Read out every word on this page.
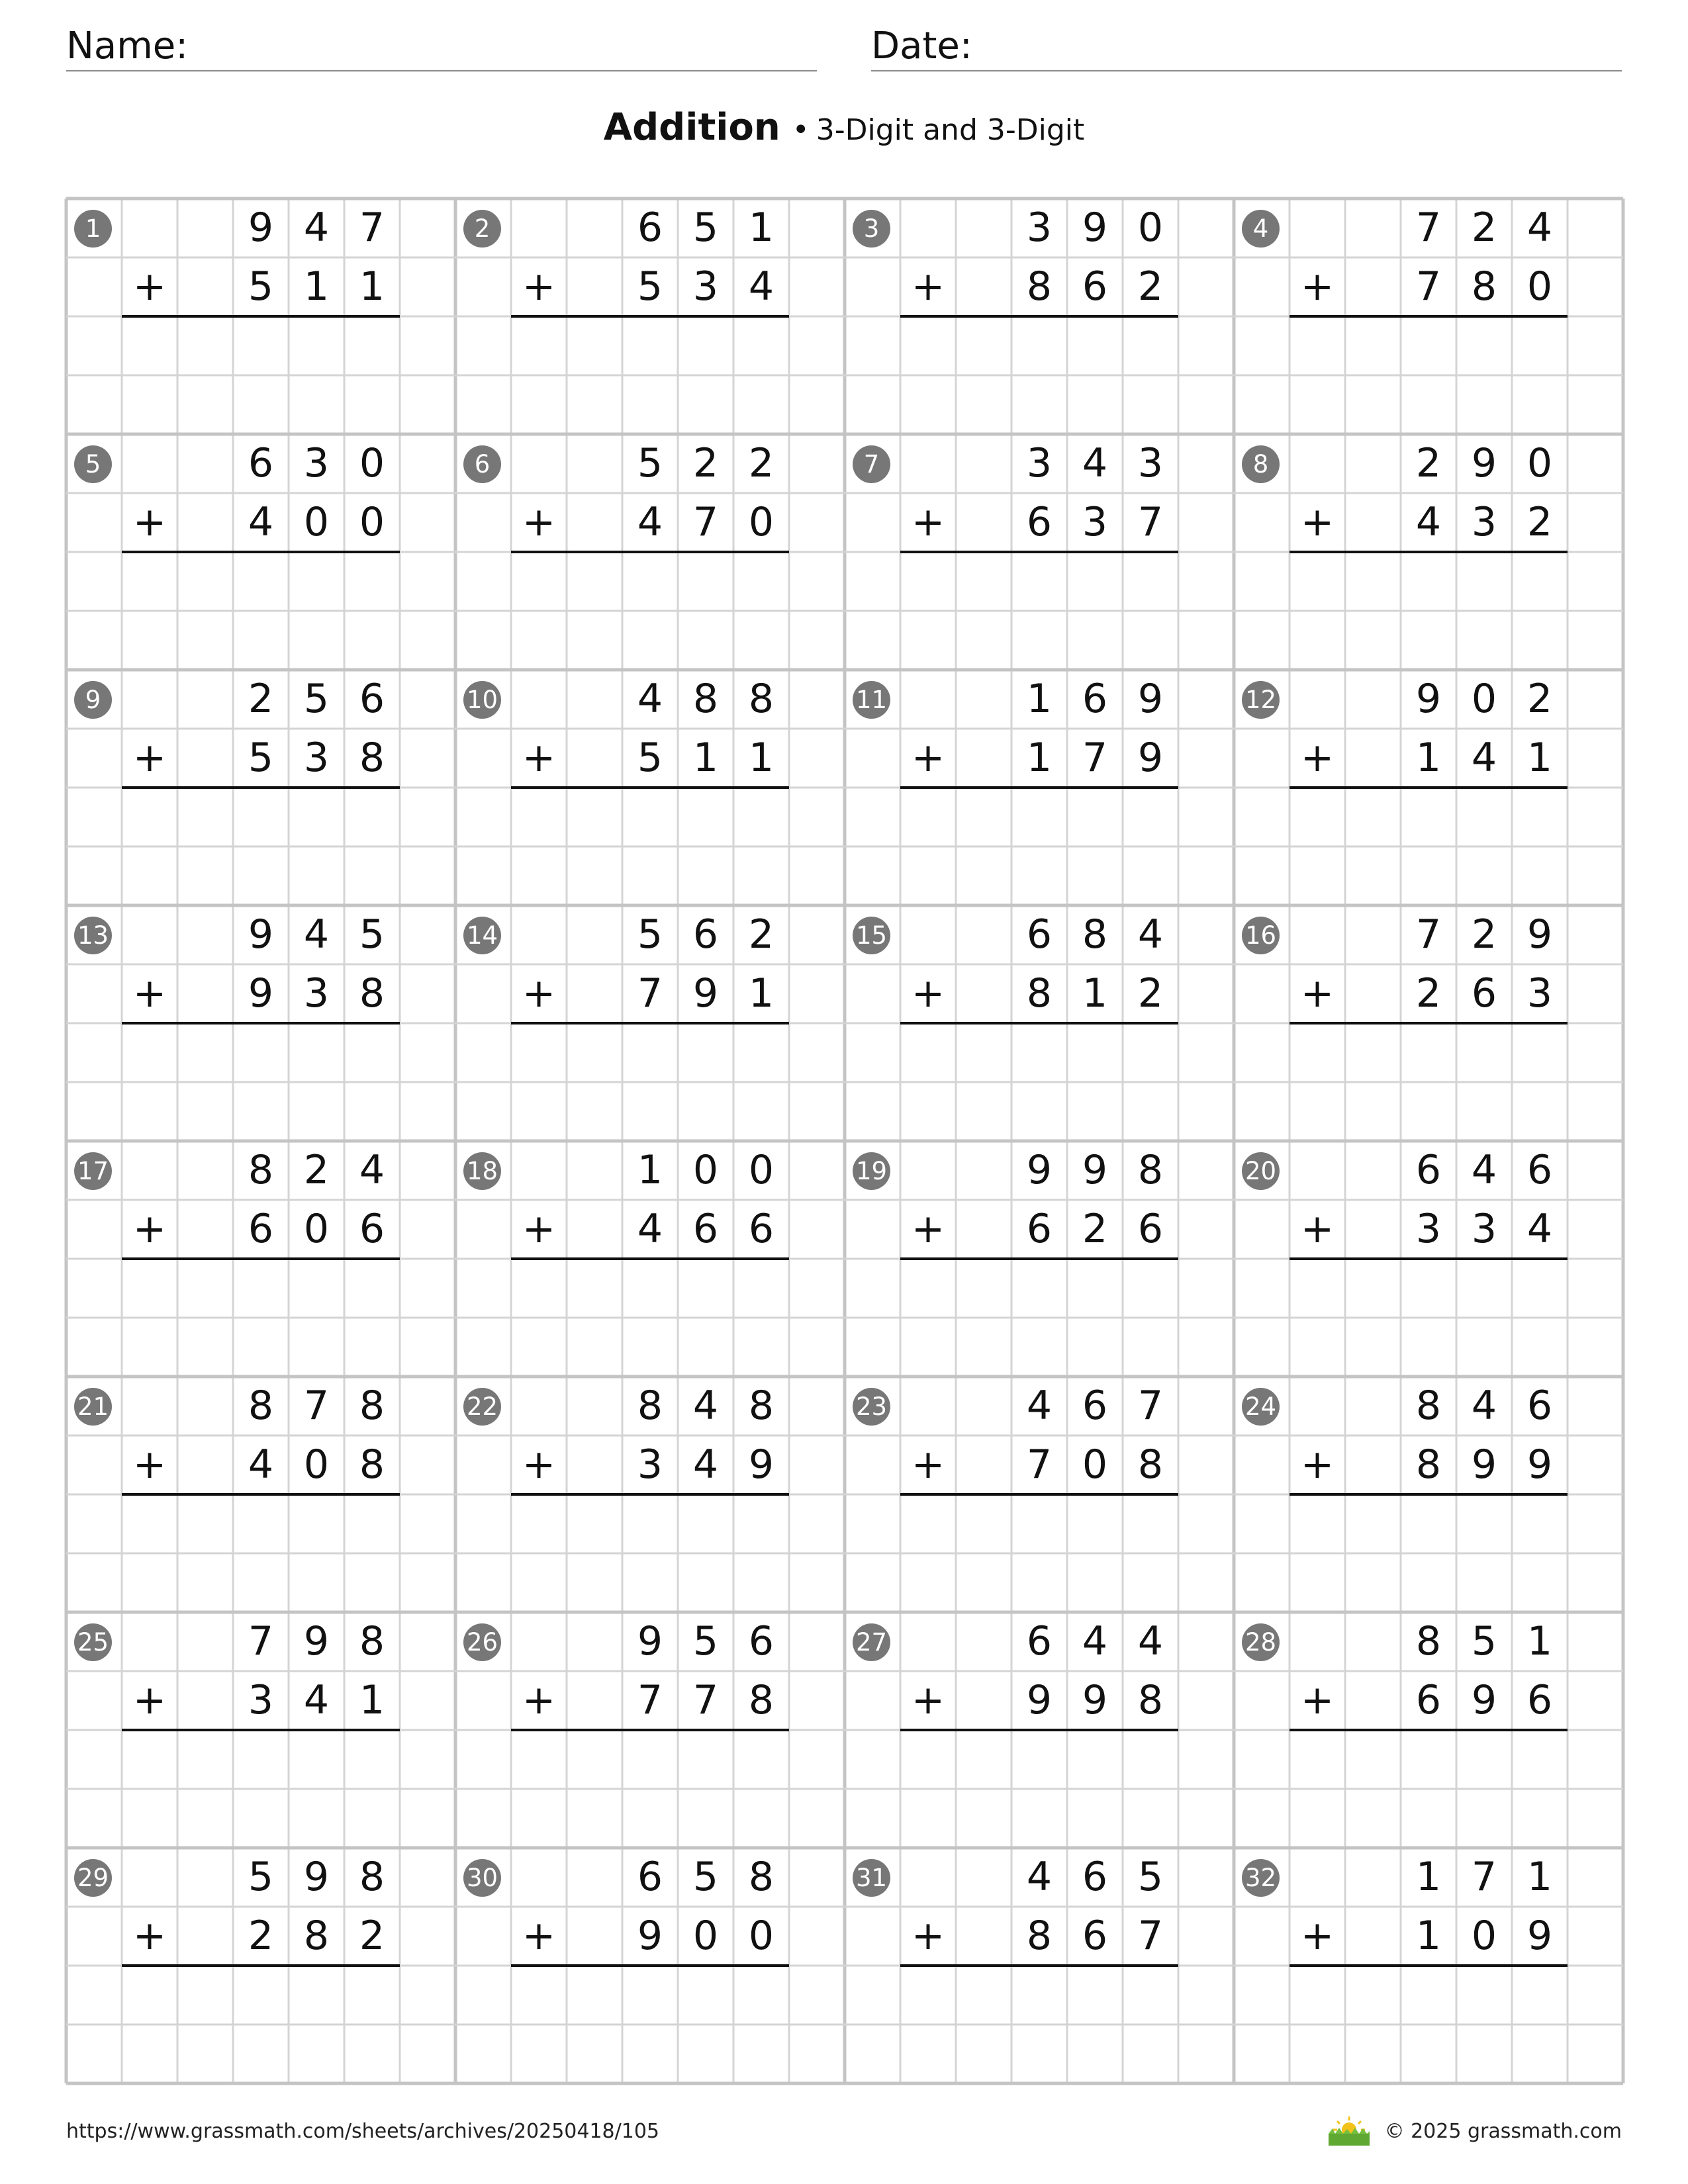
Name:	Date:
Addition • 3-Digit and 3-Digit
1	9 4 7
5 1 1
+
2	6 5 1
5 3 4
+
3	3 9 0
8 6 2
+
4	7 2 4
7 8 0
+
5	6 3 0
4 0 0
+
6	5 2 2
4 7 0
+
7	3 4 3
6 3 7
+
8	2 9 0
4 3 2
+
9	2 5 6
5 3 8
+
10	4 8 8
5 1 1
+
11	1 6 9
1 7 9
+
12	9 0 2
1 4 1
+
13	9 4 5
9 3 8
+
14	5 6 2
7 9 1
+
15	6 8 4
8 1 2
+
16	7 2 9
2 6 3
+
17	8 2 4
6 0 6
+
18	1 0 0
4 6 6
+
19	9 9 8
6 2 6
+
20	6 4 6
3 3 4
+
21	8 7 8
4 0 8
+
22	8 4 8
3 4 9
+
23	4 6 7
7 0 8
+
24	8 4 6
8 9 9
+
25	7 9 8
3 4 1
+
26	9 5 6
7 7 8
+
27	6 4 4
9 9 8
+
28	8 5 1
6 9 6
+
29	5 9 8
2 8 2
+
30	6 5 8
9 0 0
+
31	4 6 5
8 6 7
+
32	1 7 1
1 0 9
+
https://www.grassmath.com/sheets/archives/20250418/105	© 2025 grassmath.com
